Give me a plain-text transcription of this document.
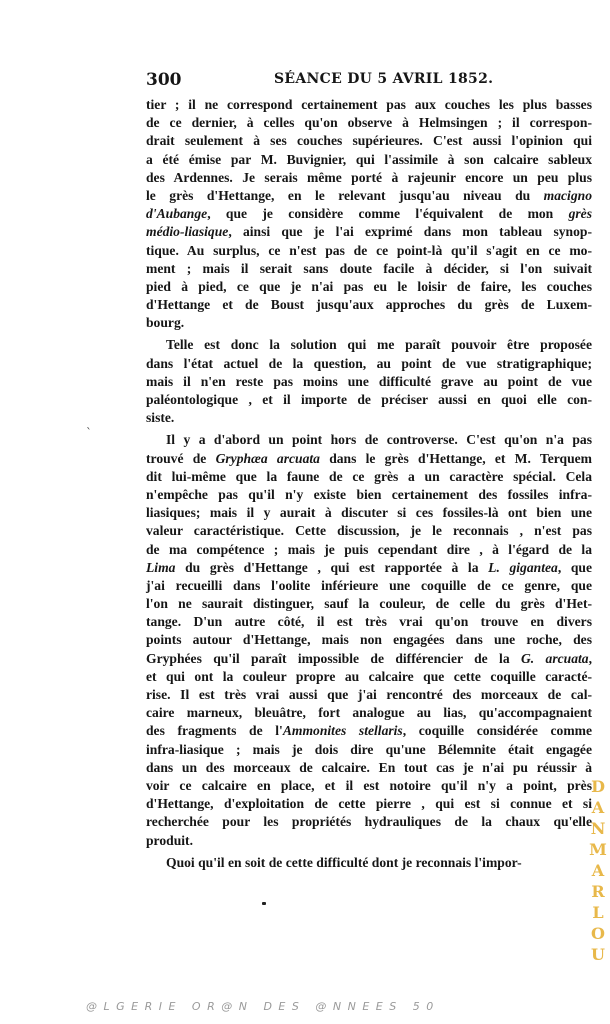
300	SÉANCE DU 5 AVRIL 1852.
tier ; il ne correspond certainement pas aux couches les plus basses
de ce dernier, à celles qu'on observe à Helmsingen ; il correspon-
drait seulement à ses couches supérieures. C'est aussi l'opinion qui
a été émise par M. Buvignier, qui l'assimile à son calcaire sableux
des Ardennes. Je serais même porté à rajeunir encore un peu plus
le grès d'Hettange, en le relevant jusqu'au niveau du macigno
d'Aubange, que je considère comme l'équivalent de mon grès
médio-liasique, ainsi que je l'ai exprimé dans mon tableau synop-
tique. Au surplus, ce n'est pas de ce point-là qu'il s'agit en ce mo-
ment ; mais il serait sans doute facile à décider, si l'on suivait
pied à pied, ce que je n'ai pas eu le loisir de faire, les couches
d'Hettange et de Boust jusqu'aux approches du grès de Luxem-
bourg.
Telle est donc la solution qui me paraît pouvoir être proposée
dans l'état actuel de la question, au point de vue stratigraphique;
mais il n'en reste pas moins une difficulté grave au point de vue
paléontologique , et il importe de préciser aussi en quoi elle con-
siste.
Il y a d'abord un point hors de controverse. C'est qu'on n'a pas
trouvé de Gryphæa arcuata dans le grès d'Hettange, et M. Terquem
dit lui-même que la faune de ce grès a un caractère spécial. Cela
n'empêche pas qu'il n'y existe bien certainement des fossiles infra-
liasiques; mais il y aurait à discuter si ces fossiles-là ont bien une
valeur caractéristique. Cette discussion, je le reconnais , n'est pas
de ma compétence ; mais je puis cependant dire , à l'égard de la
Lima du grès d'Hettange , qui est rapportée à la L. gigantea, que
j'ai recueilli dans l'oolite inférieure une coquille de ce genre, que
l'on ne saurait distinguer, sauf la couleur, de celle du grès d'Het-
tange. D'un autre côté, il est très vrai qu'on trouve en divers
points autour d'Hettange, mais non engagées dans une roche, des
Gryphées qu'il paraît impossible de différencier de la G. arcuata,
et qui ont la couleur propre au calcaire que cette coquille caracté-
rise. Il est très vrai aussi que j'ai rencontré des morceaux de cal-
caire marneux, bleuâtre, fort analogue au lias, qu'accompagnaient
des fragments de l'Ammonites stellaris, coquille considérée comme
infra-liasique ; mais je dois dire qu'une Bélemnite était engagée
dans un des morceaux de calcaire. En tout cas je n'ai pu réussir à
voir ce calcaire en place, et il est notoire qu'il n'y a point, près
d'Hettange, d'exploitation de cette pierre , qui est si connue et si
recherchée pour les propriétés hydrauliques de la chaux qu'elle
produit.
Quoi qu'il en soit de cette difficulté dont je reconnais l'impor-
`
D
A
N
M
A
R
L
O
U
@LGERIE OR@N DES @NNEES 50
